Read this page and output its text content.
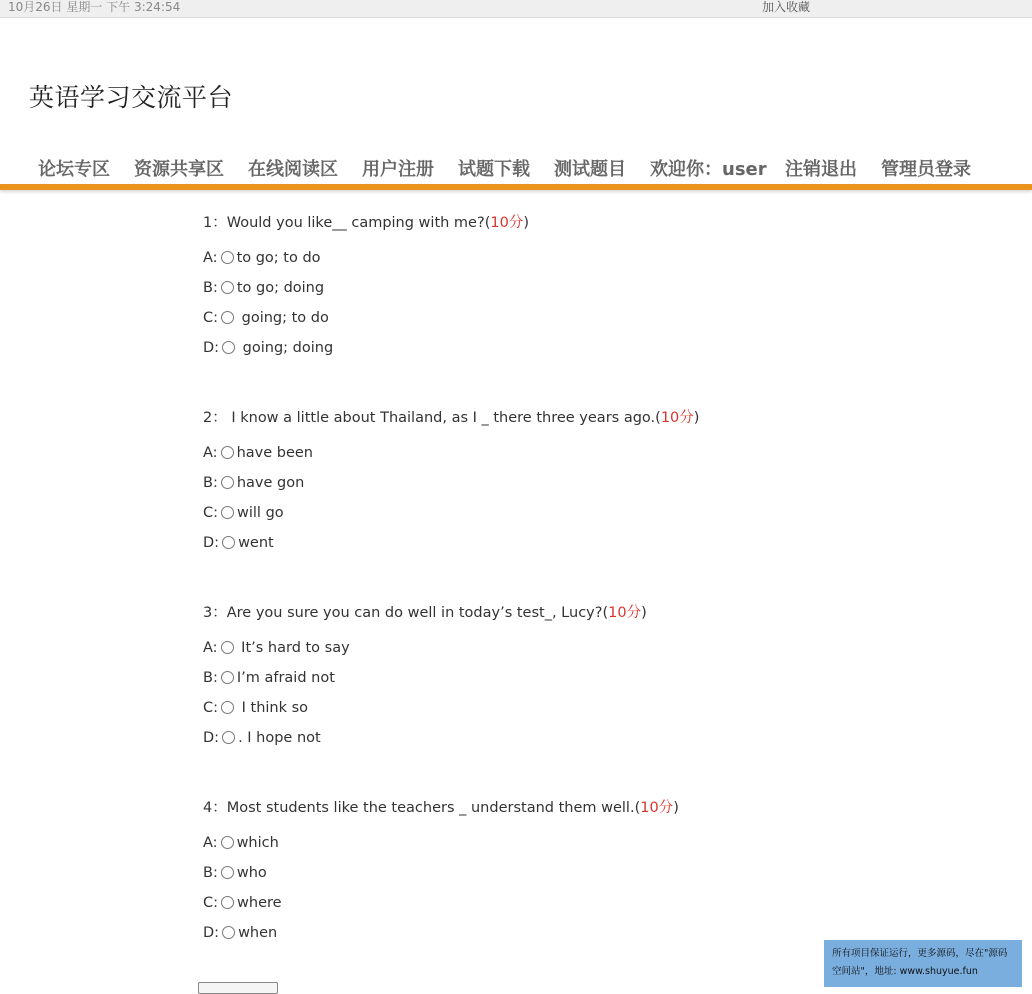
10月26日 星期一 下午 3:24:54	加入收藏
英语学习交流平台
论坛专区 资源共享区 在线阅读区 用户注册 试题下载 测试题目 欢迎你：user 注销退出 管理员登录
1：Would you like__ camping with me?(10分)
A: to go; to do
B: to go; doing
C: going; to do
D: going; doing
2： I know a little about Thailand, as I _ there three years ago.(10分)
A: have been
B: have gon
C: will go
D: went
3：Are you sure you can do well in today’s test_, Lucy?(10分)
A: It’s hard to say
B: I’m afraid not
C: I think so
D: . I hope not
4：Most students like the teachers _ understand them well.(10分)
A: which
B: who
C: where
D: when
所有项目保证运行，更多源码，尽在"源码
空间站"，地址: www.shuyue.fun
